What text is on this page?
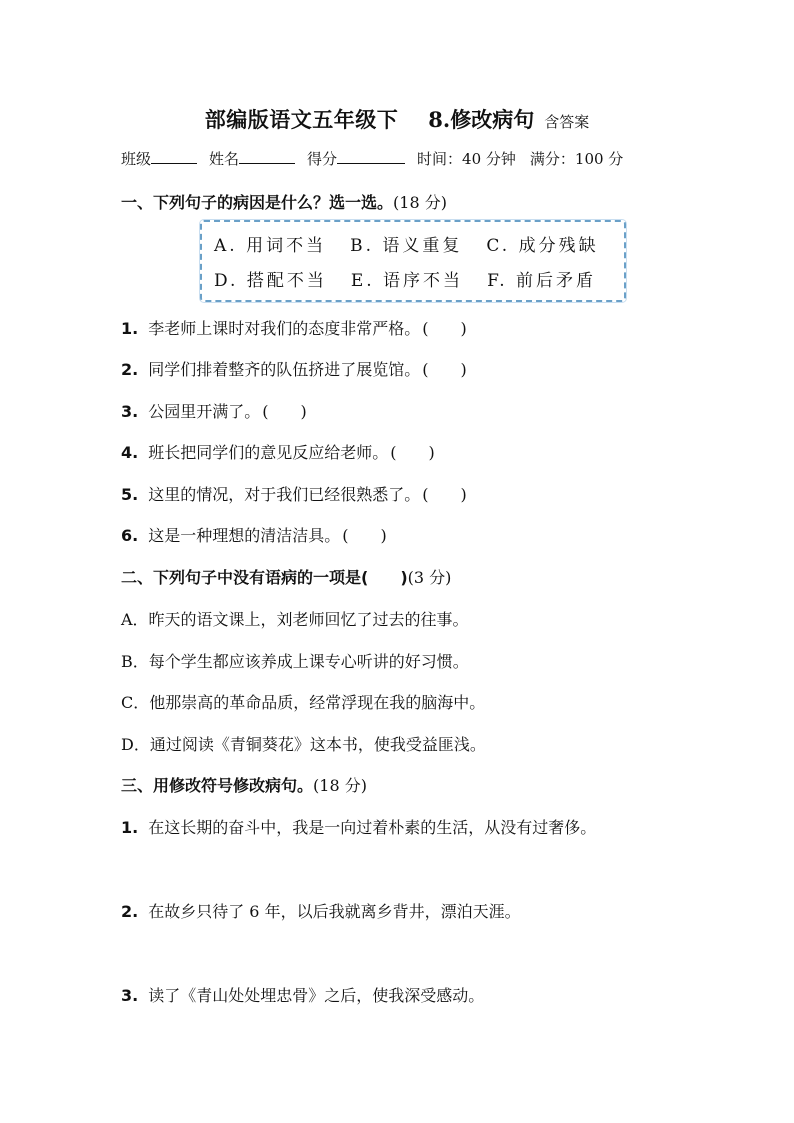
部编版语文五年级下 8.修改病句 含答案
班级	姓名	得分	时间：40 分钟 满分：100 分
一、下列句子的病因是什么？选一选。(18 分)
A. 用词不当 B. 语义重复 C. 成分残缺
D. 搭配不当 E. 语序不当 F. 前后矛盾
1. 李老师上课时对我们的态度非常严格。 (　　)
2. 同学们排着整齐的队伍挤进了展览馆。 (　　)
3. 公园里开满了。 (　　)
4. 班长把同学们的意见反应给老师。 (　　)
5. 这里的情况，对于我们已经很熟悉了。 (　　)
6. 这是一种理想的清洁洁具。 (　　)
二、下列句子中没有语病的一项是(　　)(3 分)
A．昨天的语文课上，刘老师回忆了过去的往事。
B．每个学生都应该养成上课专心听讲的好习惯。
C．他那崇高的革命品质，经常浮现在我的脑海中。
D．通过阅读《青铜葵花》这本书，使我受益匪浅。
三、用修改符号修改病句。(18 分)
1. 在这长期的奋斗中，我是一向过着朴素的生活，从没有过奢侈。
2. 在故乡只待了 6 年，以后我就离乡背井，漂泊天涯。
3. 读了《青山处处埋忠骨》之后，使我深受感动。
